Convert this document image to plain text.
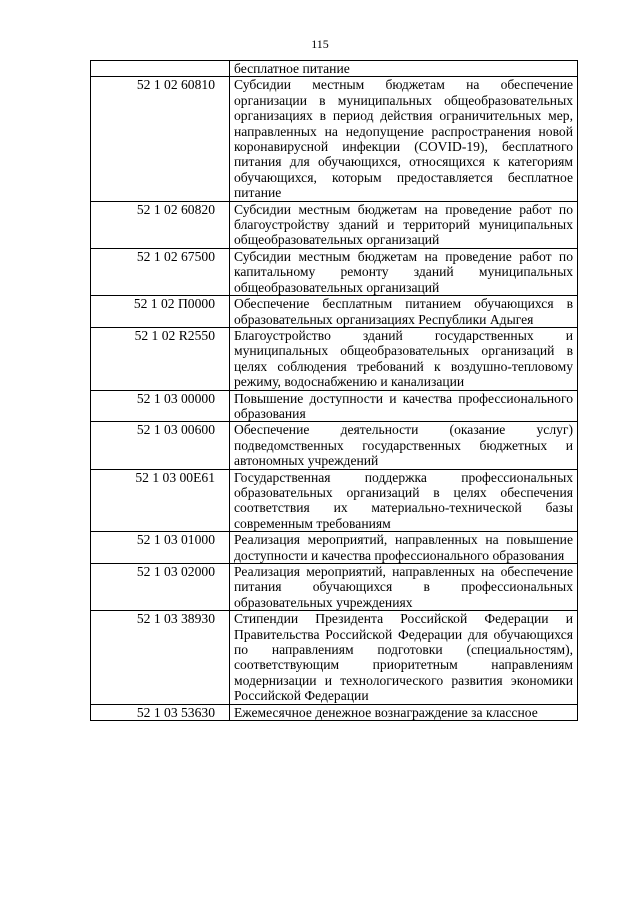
115
	бесплатное питание
52 1 02 60810	Субсидии местным бюджетам на обеспечение организации в муниципальных общеобразовательных организациях в период действия ограничительных мер, направленных на недопущение распространения новой коронавирусной инфекции (COVID-19), бесплатного питания для обучающихся, относящихся к категориям обучающихся, которым предоставляется бесплатное питание
52 1 02 60820	Субсидии местным бюджетам на проведение работ по благоустройству зданий и территорий муниципальных общеобразовательных организаций
52 1 02 67500	Субсидии местным бюджетам на проведение работ по капитальному ремонту зданий муниципальных общеобразовательных организаций
52 1 02 П0000	Обеспечение бесплатным питанием обучающихся в образовательных организациях Республики Адыгея
52 1 02 R2550	Благоустройство зданий государственных и муниципальных общеобразовательных организаций в целях соблюдения требований к воздушно-тепловому режиму, водоснабжению и канализации
52 1 03 00000	Повышение доступности и качества профессионального образования
52 1 03 00600	Обеспечение деятельности (оказание услуг) подведомственных государственных бюджетных и автономных учреждений
52 1 03 00E61	Государственная поддержка профессиональных образовательных организаций в целях обеспечения соответствия их материально-технической базы современным требованиям
52 1 03 01000	Реализация мероприятий, направленных на повышение доступности и качества профессионального образования
52 1 03 02000	Реализация мероприятий, направленных на обеспечение питания обучающихся в профессиональных образовательных учреждениях
52 1 03 38930	Стипендии Президента Российской Федерации и Правительства Российской Федерации для обучающихся по направлениям подготовки (специальностям), соответствующим приоритетным направлениям модернизации и технологического развития экономики Российской Федерации
52 1 03 53630	Ежемесячное денежное вознаграждение за классное
